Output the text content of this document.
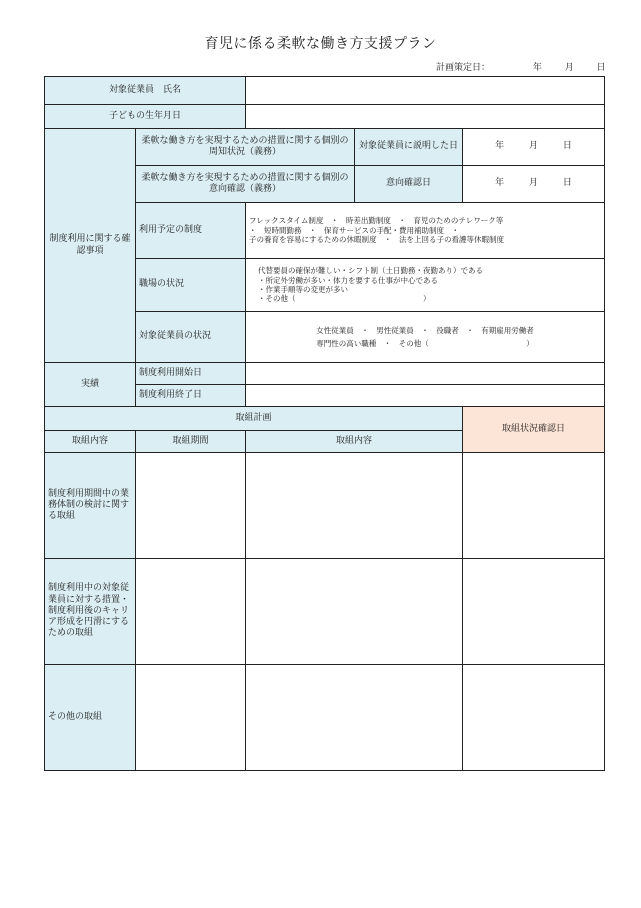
育児に係る柔軟な働き方支援プラン
計画策定日：	年	月	日
対象従業員　氏名				
子どもの生年月日				
制度利用に関する確認事項	柔軟な働き方を実現するための措置に関する個別の周知状況（義務）		対象従業員に説明した日	年 月 日
	柔軟な働き方を実現するための措置に関する個別の意向確認（義務）		意向確認日	年 月 日
	利用予定の制度	フレックスタイム制度　・　時差出勤制度　・　育児のためのテレワーク等
・　短時間勤務　・　保育サービスの手配・費用補助制度　・
子の養育を容易にするための休暇制度　・　法を上回る子の看護等休暇制度		

	職場の状況	代替要員の確保が難しい・シフト制（土日勤務・夜勤あり）である
・所定外労働が多い・体力を要する仕事が中心である
・作業手順等の変更が多い
・その他（　　　　　　　　　　　　　　　　　）		

	対象従業員の状況	女性従業員　・　男性従業員　・　役職者　・　有期雇用労働者
専門性の高い職種　・　その他（　　　　　　　　　　　　　）		

実績	制度利用開始日			
	制度利用終了日			
取組計画				取組状況確認日
取組内容	取組期間	取組内容		
制度利用期間中の業務体制の検討に関する取組				
制度利用中の対象従業員に対する措置・制度利用後のキャリア形成を円滑にするための取組				
その他の取組				
